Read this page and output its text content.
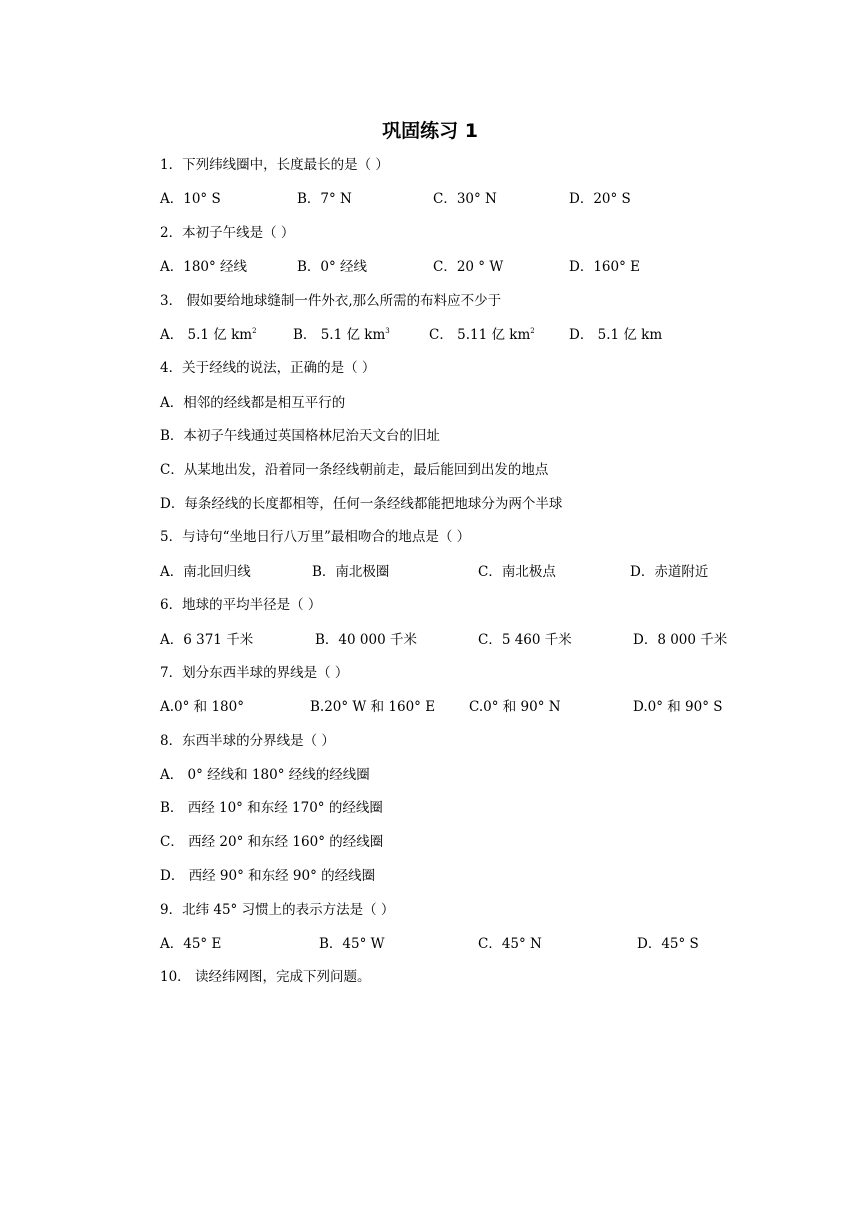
巩固练习 1
1．下列纬线圈中，长度最长的是（ ）
A．10° S	B．7° N	C．30° N	D．20° S
2．本初子午线是（ ）
A．180° 经线	B．0° 经线	C．20 ° W	D．160° E
3． 假如要给地球缝制一件外衣,那么所需的布料应不少于
A． 5.1 亿 $km^2$	B． 5.1 亿 $km^3$	C． 5.11 亿 $km^2$	D． 5.1 亿 km
4．关于经线的说法，正确的是（ ）
A．相邻的经线都是相互平行的
B．本初子午线通过英国格林尼治天文台的旧址
C．从某地出发，沿着同一条经线朝前走，最后能回到出发的地点
D．每条经线的长度都相等，任何一条经线都能把地球分为两个半球
5．与诗句“坐地日行八万里”最相吻合的地点是（ ）
A．南北回归线	B．南北极圈	C．南北极点	D．赤道附近
6．地球的平均半径是（ ）
A．6 371 千米	B．40 000 千米	C．5 460 千米	D．8 000 千米
7．划分东西半球的界线是（ ）
A.0° 和 180°	B.20° W 和 160° E	C.0° 和 90° N	D.0° 和 90° S
8．东西半球的分界线是（ ）
A． 0° 经线和 180° 经线的经线圈
B． 西经 10° 和东经 170° 的经线圈
C． 西经 20° 和东经 160° 的经线圈
D． 西经 90° 和东经 90° 的经线圈
9．北纬 45° 习惯上的表示方法是（ ）
A．45° E	B．45° W	C．45° N	D．45° S
10． 读经纬网图，完成下列问题。
